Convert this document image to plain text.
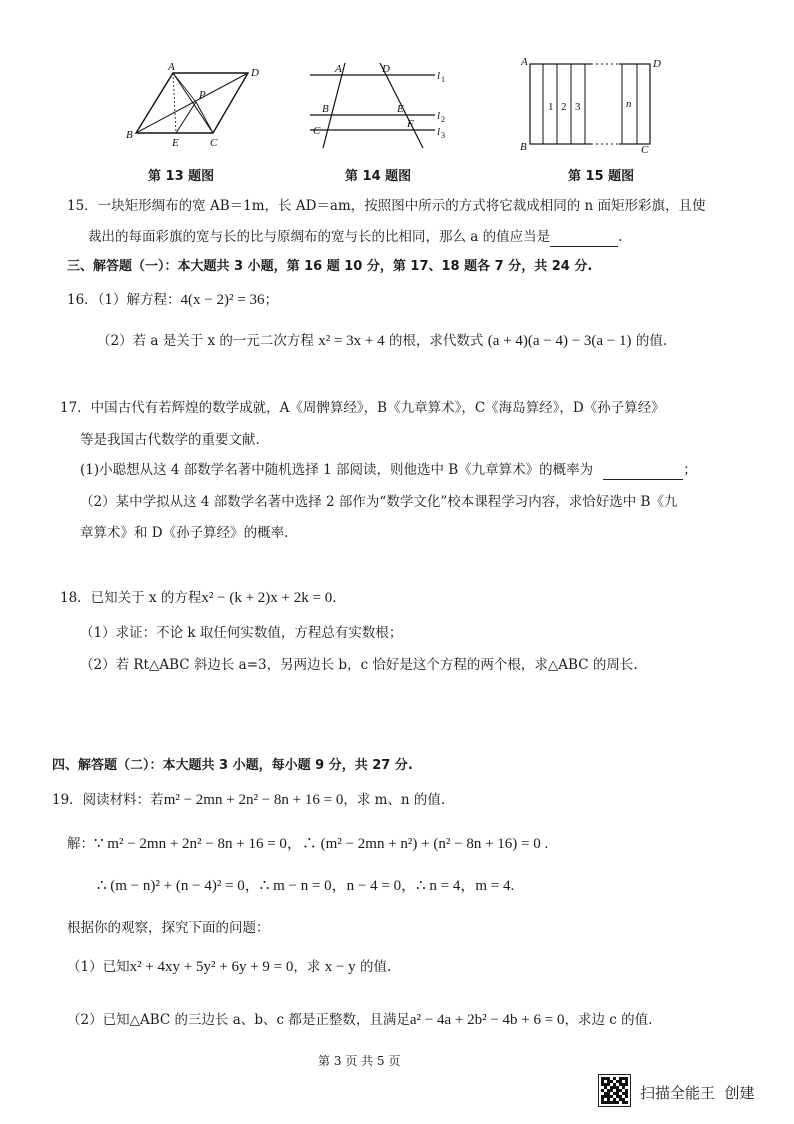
A	D
P
B
E	C
第 13 题图
A	D
B	E
C
F
l 1
l 2
l 3
第 14 题图
A	D
B	C
1 2 3	n
第 15 题图
15．一块矩形绸布的宽 AB＝1m，长 AD＝am，按照图中所示的方式将它裁成相同的 n 面矩形彩旗，且使
裁出的每面彩旗的宽与长的比与原绸布的宽与长的比相同，那么 a 的值应当是	.
三、解答题（一）：本大题共 3 小题，第 16 题 10 分，第 17、18 题各 7 分，共 24 分.
16．（1）解方程：4(x − 2)² = 36；
（2）若 a 是关于 x 的一元二次方程 x² = 3x + 4 的根，求代数式 (a + 4)(a − 4) − 3(a − 1) 的值.
17．中国古代有若辉煌的数学成就，A《周髀算经》，B《九章算术》，C《海岛算经》，D《孙子算经》
等是我国古代数学的重要文献.
(1)小聪想从这 4 部数学名著中随机选择 1 部阅读，则他选中 B《九章算术》的概率为	；
（2）某中学拟从这 4 部数学名著中选择 2 部作为“数学文化”校本课程学习内容，求恰好选中 B《九
章算术》和 D《孙子算经》的概率.
18．已知关于 x 的方程x² − (k + 2)x + 2k = 0.
（1）求证：不论 k 取任何实数值，方程总有实数根；
（2）若 Rt△ABC 斜边长 a=3，另两边长 b，c 恰好是这个方程的两个根，求△ABC 的周长.
四、解答题（二）：本大题共 3 小题，每小题 9 分，共 27 分.
19．阅读材料：若m² − 2mn + 2n² − 8n + 16 = 0，求 m、n 的值.
解：∵ m² − 2mn + 2n² − 8n + 16 = 0，∴ (m² − 2mn + n²) + (n² − 8n + 16) = 0 .
∴ (m − n)² + (n − 4)² = 0，∴ m − n = 0，n − 4 = 0，∴ n = 4，m = 4.
根据你的观察，探究下面的问题：
（1）已知x² + 4xy + 5y² + 6y + 9 = 0，求 x − y 的值.
（2）已知△ABC 的三边长 a、b、c 都是正整数，且满足a² − 4a + 2b² − 4b + 6 = 0，求边 c 的值.
第 3 页 共 5 页
扫描全能王  创建
